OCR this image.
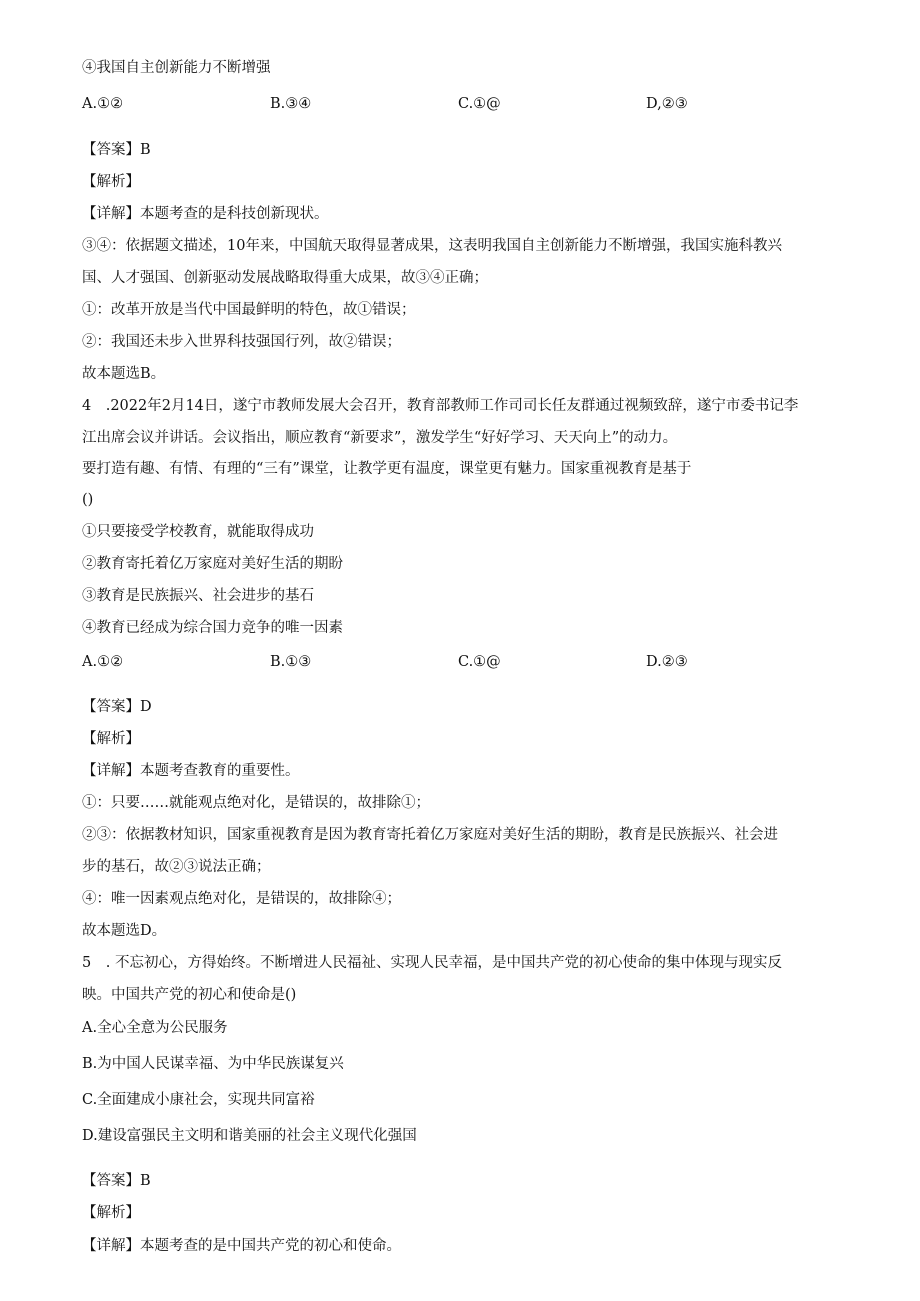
④我国自主创新能力不断增强
A.①②	B.③④	C.①@	D,②③
【答案】B
【解析】
【详解】本题考查的是科技创新现状。
③④：依据题文描述，10年来，中国航天取得显著成果，这表明我国自主创新能力不断增强，我国实施科教兴
国、人才强国、创新驱动发展战略取得重大成果，故③④正确；
①：改革开放是当代中国最鲜明的特色，故①错误；
②：我国还未步入世界科技强国行列，故②错误；
故本题选B。
4　.2022年2月14日，遂宁市教师发展大会召开，教育部教师工作司司长任友群通过视频致辞，遂宁市委书记李
江出席会议并讲话。会议指出，顺应教育“新要求”，激发学生“好好学习、天天向上”的动力。
要打造有趣、有情、有理的“三有”课堂，让教学更有温度，课堂更有魅力。国家重视教育是基于
()
①只要接受学校教育，就能取得成功
②教育寄托着亿万家庭对美好生活的期盼
③教育是民族振兴、社会进步的基石
④教育已经成为综合国力竞争的唯一因素
A.①②	B.①③	C.①@	D.②③
【答案】D
【解析】
【详解】本题考查教育的重要性。
①：只要……就能观点绝对化，是错误的，故排除①；
②③：依据教材知识，国家重视教育是因为教育寄托着亿万家庭对美好生活的期盼，教育是民族振兴、社会进
步的基石，故②③说法正确；
④：唯一因素观点绝对化，是错误的，故排除④；
故本题选D。
5　. 不忘初心，方得始终。不断增进人民福祉、实现人民幸福，是中国共产党的初心使命的集中体现与现实反
映。中国共产党的初心和使命是()
A.全心全意为公民服务
B.为中国人民谋幸福、为中华民族谋复兴
C.全面建成小康社会，实现共同富裕
D.建设富强民主文明和谐美丽的社会主义现代化强国
【答案】B
【解析】
【详解】本题考查的是中国共产党的初心和使命。
